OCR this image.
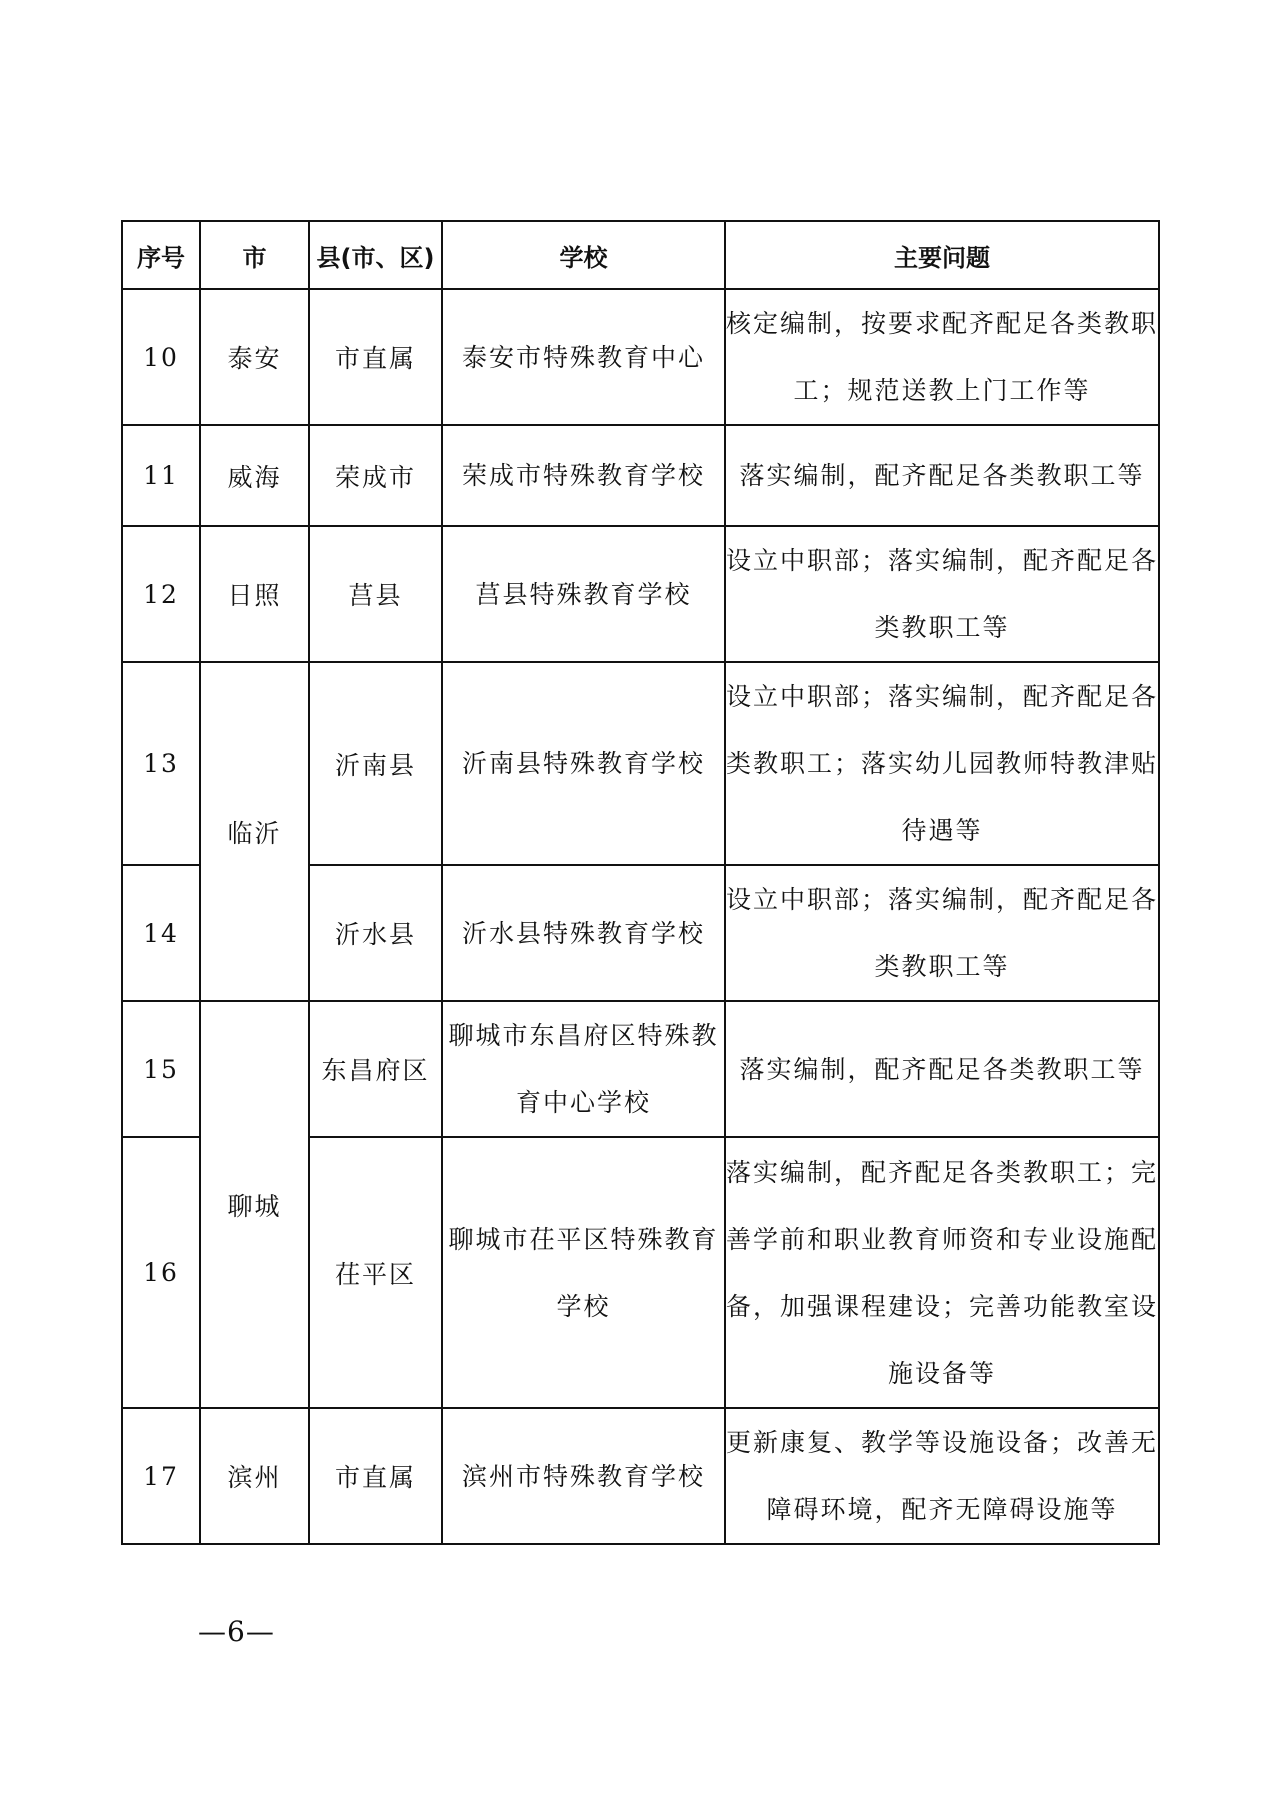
序号	市	县(市、区)	学校	主要问题
10	泰安	市直属	泰安市特殊教育中心	核定编制，按要求配齐配足各类教职工；规范送教上门工作等
11	威海	荣成市	荣成市特殊教育学校	落实编制，配齐配足各类教职工等
12	日照	莒县	莒县特殊教育学校	设立中职部；落实编制，配齐配足各类教职工等
13	临沂	沂南县	沂南县特殊教育学校	设立中职部；落实编制，配齐配足各类教职工；落实幼儿园教师特教津贴待遇等
14		沂水县	沂水县特殊教育学校	设立中职部；落实编制，配齐配足各类教职工等
15	聊城	东昌府区	聊城市东昌府区特殊教育中心学校	落实编制，配齐配足各类教职工等
16		茌平区	聊城市茌平区特殊教育学校	落实编制，配齐配足各类教职工；完善学前和职业教育师资和专业设施配备，加强课程建设；完善功能教室设施设备等
17	滨州	市直属	滨州市特殊教育学校	更新康复、教学等设施设备；改善无障碍环境，配齐无障碍设施等
—6—
